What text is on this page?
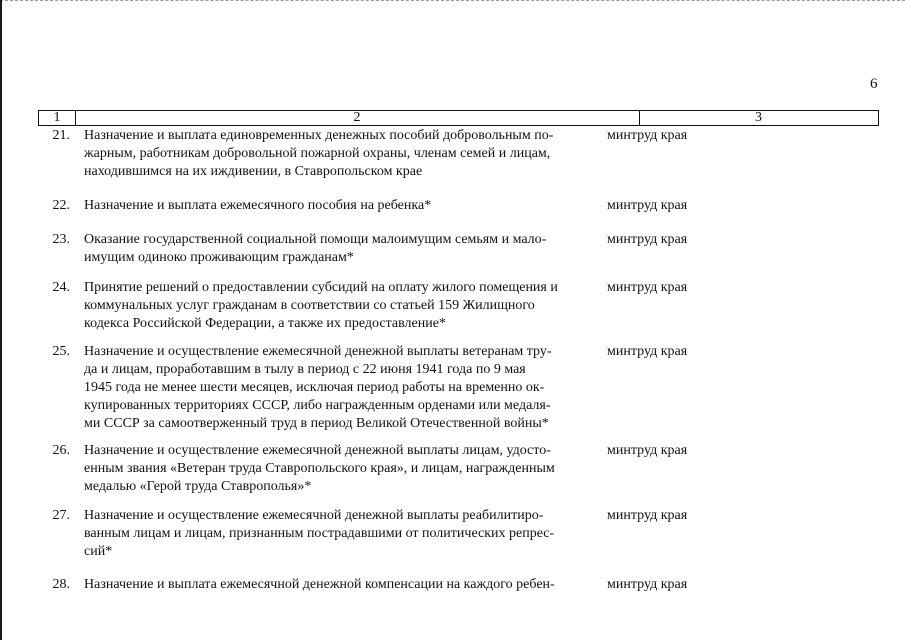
6
1	2	3
21. Назначение и выплата единовременных денежных пособий добровольным по-
жарным, работникам добровольной пожарной охраны, членам семей и лицам,
находившимся на их иждивении, в Ставропольском крае
минтруд края
22. Назначение и выплата ежемесячного пособия на ребенка*	минтруд края
23. Оказание государственной социальной помощи малоимущим семьям и мало-
имущим одиноко проживающим гражданам*
минтруд края
24. Принятие решений о предоставлении субсидий на оплату жилого помещения и
коммунальных услуг гражданам в соответствии со статьей 159 Жилищного
кодекса Российской Федерации, а также их предоставление*
минтруд края
25. Назначение и осуществление ежемесячной денежной выплаты ветеранам тру-
да и лицам, проработавшим в тылу в период с 22 июня 1941 года по 9 мая
1945 года не менее шести месяцев, исключая период работы на временно ок-
купированных территориях СССР, либо награжденным орденами или медаля-
ми СССР за самоотверженный труд в период Великой Отечественной войны*
минтруд края
26. Назначение и осуществление ежемесячной денежной выплаты лицам, удосто-
енным звания «Ветеран труда Ставропольского края», и лицам, награжденным
медалью «Герой труда Ставрополья»*
минтруд края
27. Назначение и осуществление ежемесячной денежной выплаты реабилитиро-
ванным лицам и лицам, признанным пострадавшими от политических репрес-
сий*
минтруд края
28. Назначение и выплата ежемесячной денежной компенсации на каждого ребен-	минтруд края
